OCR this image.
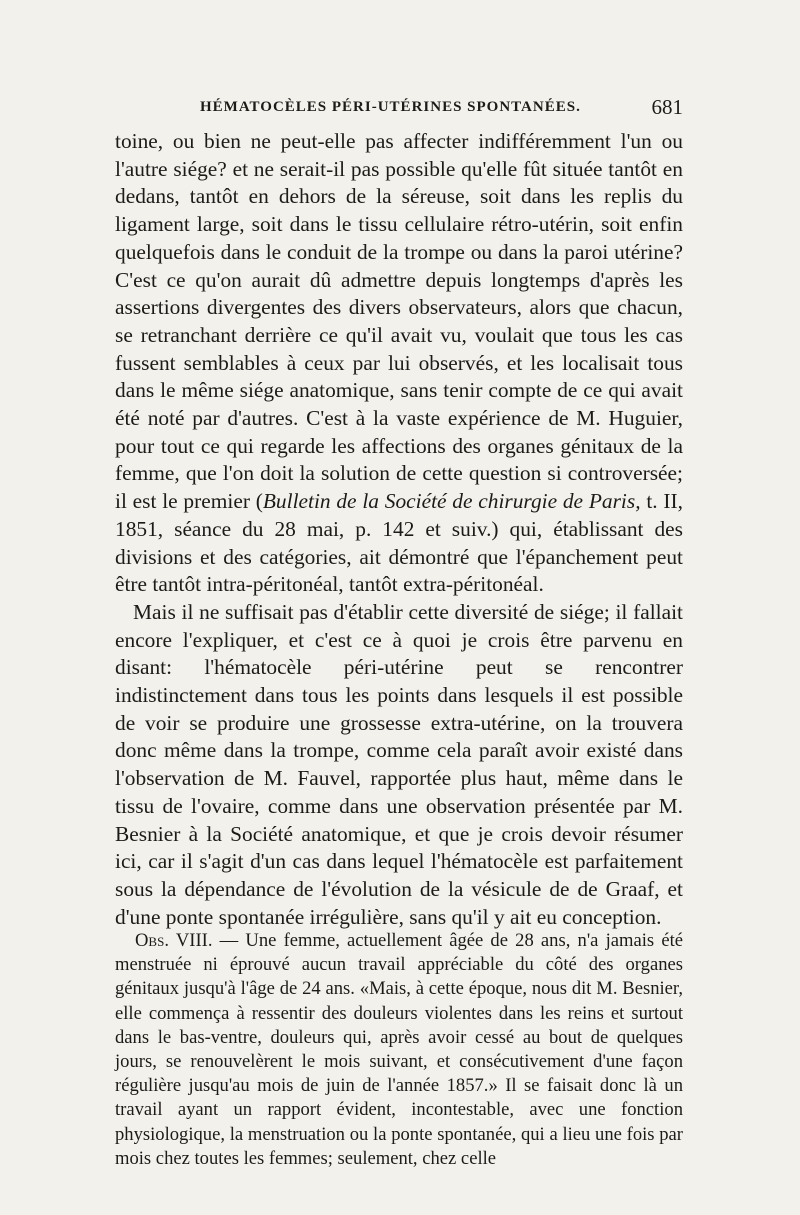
HÉMATOCÈLES PÉRI-UTÉRINES SPONTANÉES.	681

toine, ou bien ne peut-elle pas affecter indifféremment l'un ou l'autre siége? et ne serait-il pas possible qu'elle fût située tantôt en dedans, tantôt en dehors de la séreuse, soit dans les replis du ligament large, soit dans le tissu cellulaire rétro-utérin, soit enfin quelquefois dans le conduit de la trompe ou dans la paroi utérine? C'est ce qu'on aurait dû admettre depuis longtemps d'après les assertions divergentes des divers observateurs, alors que chacun, se retranchant derrière ce qu'il avait vu, voulait que tous les cas fussent semblables à ceux par lui observés, et les localisait tous dans le même siége anatomique, sans tenir compte de ce qui avait été noté par d'autres. C'est à la vaste expérience de M. Huguier, pour tout ce qui regarde les affections des organes génitaux de la femme, que l'on doit la solution de cette question si controversée; il est le premier (Bulletin de la Société de chirurgie de Paris, t. II, 1851, séance du 28 mai, p. 142 et suiv.) qui, établissant des divisions et des catégories, ait démontré que l'épanchement peut être tantôt intra-péritonéal, tantôt extra-péritonéal.

Mais il ne suffisait pas d'établir cette diversité de siége; il fallait encore l'expliquer, et c'est ce à quoi je crois être parvenu en disant: l'hématocèle péri-utérine peut se rencontrer indistinctement dans tous les points dans lesquels il est possible de voir se produire une grossesse extra-utérine, on la trouvera donc même dans la trompe, comme cela paraît avoir existé dans l'observation de M. Fauvel, rapportée plus haut, même dans le tissu de l'ovaire, comme dans une observation présentée par M. Besnier à la Société anatomique, et que je crois devoir résumer ici, car il s'agit d'un cas dans lequel l'hématocèle est parfaitement sous la dépendance de l'évolution de la vésicule de de Graaf, et d'une ponte spontanée irrégulière, sans qu'il y ait eu conception.

Obs. VIII. — Une femme, actuellement âgée de 28 ans, n'a jamais été menstruée ni éprouvé aucun travail appréciable du côté des organes génitaux jusqu'à l'âge de 24 ans. «Mais, à cette époque, nous dit M. Besnier, elle commença à ressentir des douleurs violentes dans les reins et surtout dans le bas-ventre, douleurs qui, après avoir cessé au bout de quelques jours, se renouvelèrent le mois suivant, et consécutivement d'une façon régulière jusqu'au mois de juin de l'année 1857.» Il se faisait donc là un travail ayant un rapport évident, incontestable, avec une fonction physiologique, la menstruation ou la ponte spontanée, qui a lieu une fois par mois chez toutes les femmes; seulement, chez celle
